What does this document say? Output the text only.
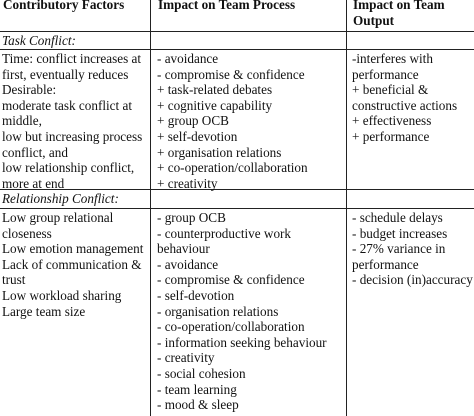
Contributory Factors	Impact on Team Process	Impact on Team
Output
Task Conflict:
Time: conflict increases at
first, eventually reduces
Desirable:
moderate task conflict at
middle,
low but increasing process
conflict, and
low relationship conflict,
more at end
- avoidance
- compromise & confidence
+ task-related debates
+ cognitive capability
+ group OCB
+ self-devotion
+ organisation relations
+ co-operation/collaboration
+ creativity
-interferes with
performance
+ beneficial &
constructive actions
+ effectiveness
+ performance
Relationship Conflict:
Low group relational
closeness
Low emotion management
Lack of communication &
trust
Low workload sharing
Large team size
- group OCB
- counterproductive work
behaviour
- avoidance
- compromise & confidence
- self-devotion
- organisation relations
- co-operation/collaboration
- information seeking behaviour
- creativity
- social cohesion
- team learning
- mood & sleep
- schedule delays
- budget increases
- 27% variance in
performance
- decision (in)accuracy
